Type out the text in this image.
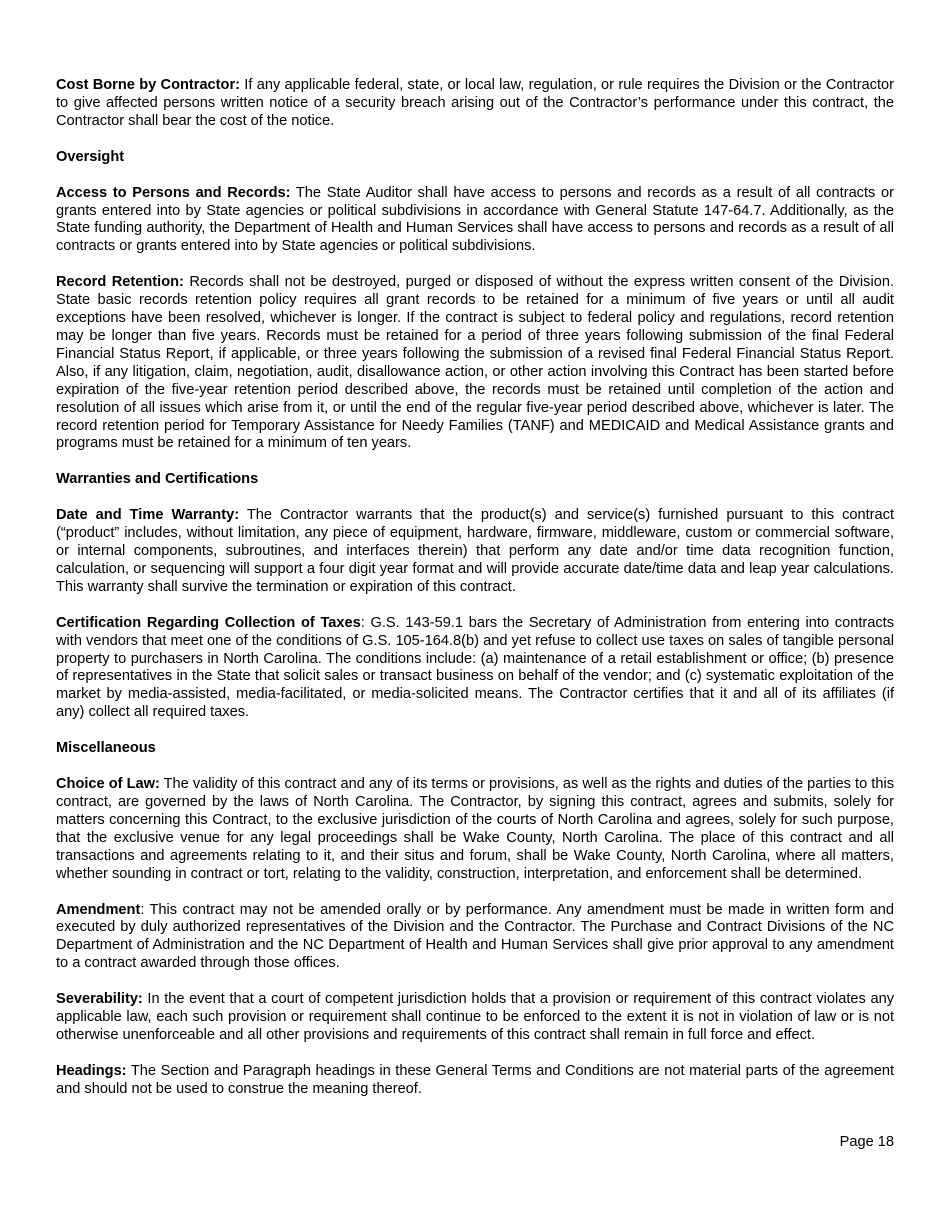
Cost Borne by Contractor: If any applicable federal, state, or local law, regulation, or rule requires the Division or the Contractor to give affected persons written notice of a security breach arising out of the Contractor’s performance under this contract, the Contractor shall bear the cost of the notice.

Oversight

Access to Persons and Records: The State Auditor shall have access to persons and records as a result of all contracts or grants entered into by State agencies or political subdivisions in accordance with General Statute 147-64.7. Additionally, as the State funding authority, the Department of Health and Human Services shall have access to persons and records as a result of all contracts or grants entered into by State agencies or political subdivisions.

Record Retention: Records shall not be destroyed, purged or disposed of without the express written consent of the Division. State basic records retention policy requires all grant records to be retained for a minimum of five years or until all audit exceptions have been resolved, whichever is longer. If the contract is subject to federal policy and regulations, record retention may be longer than five years. Records must be retained for a period of three years following submission of the final Federal Financial Status Report, if applicable, or three years following the submission of a revised final Federal Financial Status Report. Also, if any litigation, claim, negotiation, audit, disallowance action, or other action involving this Contract has been started before expiration of the five-year retention period described above, the records must be retained until completion of the action and resolution of all issues which arise from it, or until the end of the regular five-year period described above, whichever is later. The record retention period for Temporary Assistance for Needy Families (TANF) and MEDICAID and Medical Assistance grants and programs must be retained for a minimum of ten years.

Warranties and Certifications

Date and Time Warranty: The Contractor warrants that the product(s) and service(s) furnished pursuant to this contract (“product” includes, without limitation, any piece of equipment, hardware, firmware, middleware, custom or commercial software, or internal components, subroutines, and interfaces therein) that perform any date and/or time data recognition function, calculation, or sequencing will support a four digit year format and will provide accurate date/time data and leap year calculations. This warranty shall survive the termination or expiration of this contract.

Certification Regarding Collection of Taxes: G.S. 143-59.1 bars the Secretary of Administration from entering into contracts with vendors that meet one of the conditions of G.S. 105-164.8(b) and yet refuse to collect use taxes on sales of tangible personal property to purchasers in North Carolina. The conditions include: (a) maintenance of a retail establishment or office; (b) presence of representatives in the State that solicit sales or transact business on behalf of the vendor; and (c) systematic exploitation of the market by media-assisted, media-facilitated, or media-solicited means. The Contractor certifies that it and all of its affiliates (if any) collect all required taxes.

Miscellaneous

Choice of Law: The validity of this contract and any of its terms or provisions, as well as the rights and duties of the parties to this contract, are governed by the laws of North Carolina. The Contractor, by signing this contract, agrees and submits, solely for matters concerning this Contract, to the exclusive jurisdiction of the courts of North Carolina and agrees, solely for such purpose, that the exclusive venue for any legal proceedings shall be Wake County, North Carolina. The place of this contract and all transactions and agreements relating to it, and their situs and forum, shall be Wake County, North Carolina, where all matters, whether sounding in contract or tort, relating to the validity, construction, interpretation, and enforcement shall be determined.

Amendment: This contract may not be amended orally or by performance. Any amendment must be made in written form and executed by duly authorized representatives of the Division and the Contractor. The Purchase and Contract Divisions of the NC Department of Administration and the NC Department of Health and Human Services shall give prior approval to any amendment to a contract awarded through those offices.

Severability: In the event that a court of competent jurisdiction holds that a provision or requirement of this contract violates any applicable law, each such provision or requirement shall continue to be enforced to the extent it is not in violation of law or is not otherwise unenforceable and all other provisions and requirements of this contract shall remain in full force and effect.

Headings: The Section and Paragraph headings in these General Terms and Conditions are not material parts of the agreement and should not be used to construe the meaning thereof.

Page 18
